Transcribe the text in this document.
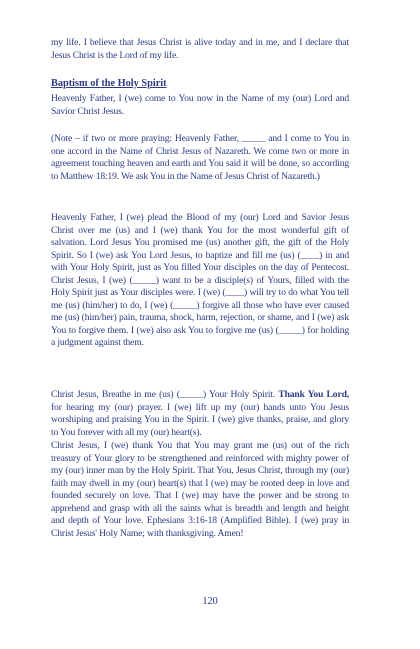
my life. I believe that Jesus Christ is alive today and in me, and I declare that Jesus Christ is the Lord of my life.

Baptism of the Holy Spirit

Heavenly Father, I (we) come to You now in the Name of my (our) Lord and Savior Christ Jesus.

(Note – if two or more praying: Heavenly Father, _____ and I come to You in one accord in the Name of Christ Jesus of Nazareth. We come two or more in agreement touching heaven and earth and You said it will be done, so according to Matthew 18:19. We ask You in the Name of Jesus Christ of Nazareth.)

Heavenly Father, I (we) plead the Blood of my (our) Lord and Savior Jesus Christ over me (us) and I (we) thank You for the most wonderful gift of salvation. Lord Jesus You promised me (us) another gift, the gift of the Holy Spirit. So I (we) ask You Lord Jesus, to baptize and fill me (us) (____) in and with Your Holy Spirit, just as You filled Your disciples on the day of Pentecost. Christ Jesus, I (we) (_____) want to be a disciple(s) of Yours, filled with the Holy Spirit just as Your disciples were. I (we) (____) will try to do what You tell me (us) (him/her) to do, I (we) (_____) forgive all those who have ever caused me (us) (him/her) pain, trauma, shock, harm, rejection, or shame, and I (we) ask You to forgive them. I (we) also ask You to forgive me (us) (_____) for holding a judgment against them.

Christ Jesus, Breathe in me (us) (_____) Your Holy Spirit. Thank You Lord, for hearing my (our) prayer. I (we) lift up my (our) hands unto You Jesus worshiping and praising You in the Spirit. I (we) give thanks, praise, and glory to You forever with all my (our) heart(s).

Christ Jesus, I (we) thank You that You may grant me (us) out of the rich treasury of Your glory to be strengthened and reinforced with mighty power of my (our) inner man by the Holy Spirit. That You, Jesus Christ, through my (our) faith may dwell in my (our) heart(s) that I (we) may be rooted deep in love and founded securely on love. That I (we) may have the power and be strong to apprehend and grasp with all the saints what is breadth and length and height and depth of Your love. Ephesians 3:16-18 (Amplified Bible). I (we) pray in Christ Jesus' Holy Name; with thanksgiving. Amen!

120
